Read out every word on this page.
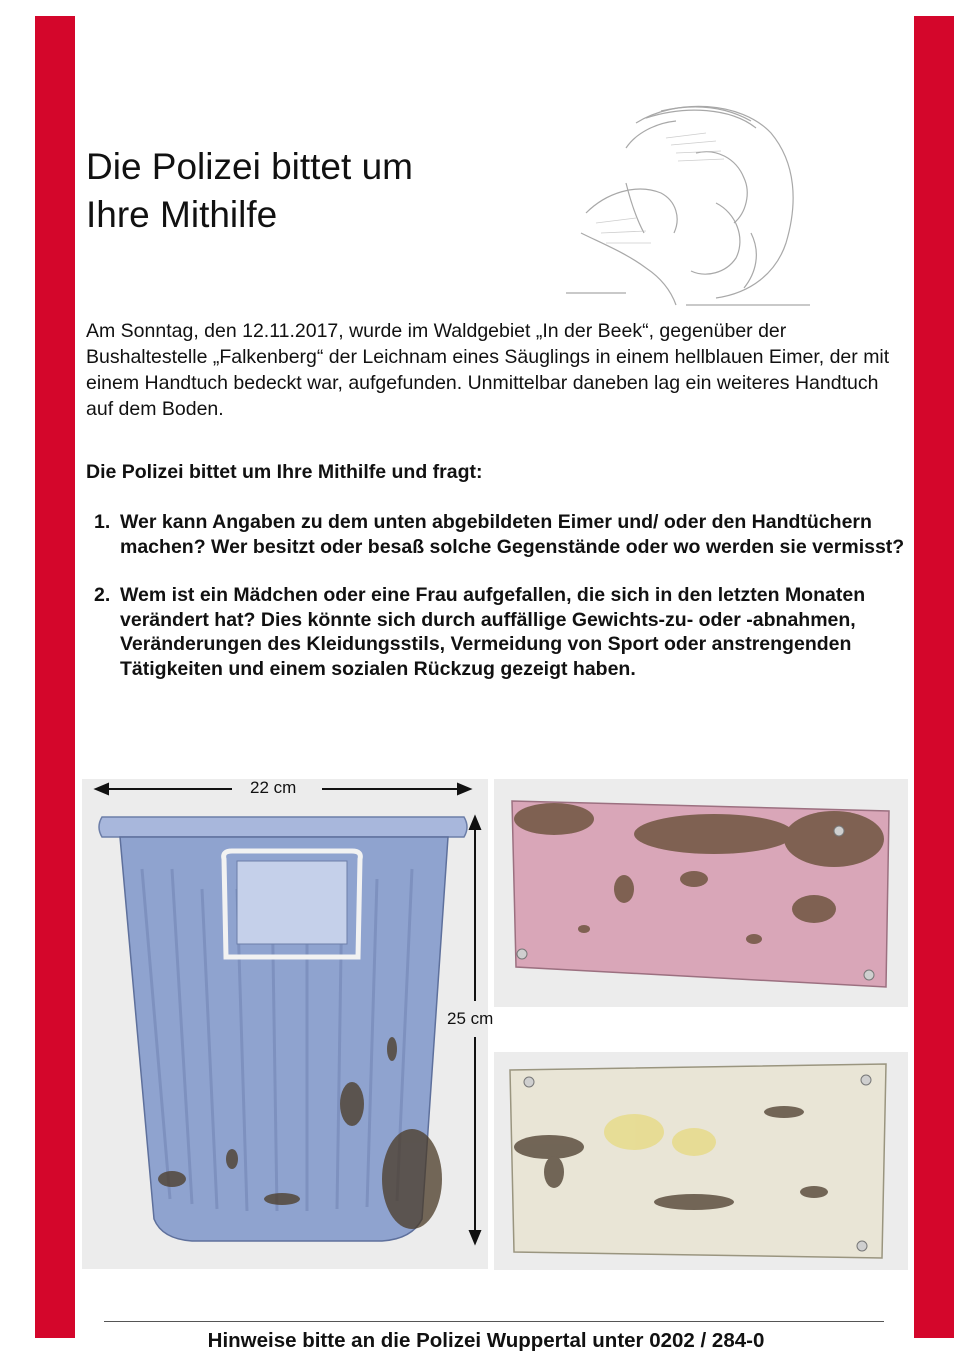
Die Polizei bittet um
Ihre Mithilfe

Am Sonntag, den 12.11.2017, wurde im Waldgebiet „In der Beek“, gegenüber der Bushaltestelle „Falkenberg“ der Leichnam eines Säuglings in einem hellblauen Eimer, der mit einem Handtuch bedeckt war, aufgefunden. Unmittelbar daneben lag ein weiteres Handtuch auf dem Boden.

Die Polizei bittet um Ihre Mithilfe und fragt:

1. Wer kann Angaben zu dem unten abgebildeten Eimer und/ oder den Handtüchern machen? Wer besitzt oder besaß solche Gegenstände oder wo werden sie vermisst?
2. Wem ist ein Mädchen oder eine Frau aufgefallen, die sich in den letzten Monaten verändert hat? Dies könnte sich durch auffällige Gewichts-zu- oder -abnahmen, Veränderungen des Kleidungsstils, Vermeidung von Sport oder anstrengenden Tätigkeiten und einem sozialen Rückzug gezeigt haben.
22 cm
25 cm
Hinweise bitte an die Polizei Wuppertal unter 0202 / 284-0
